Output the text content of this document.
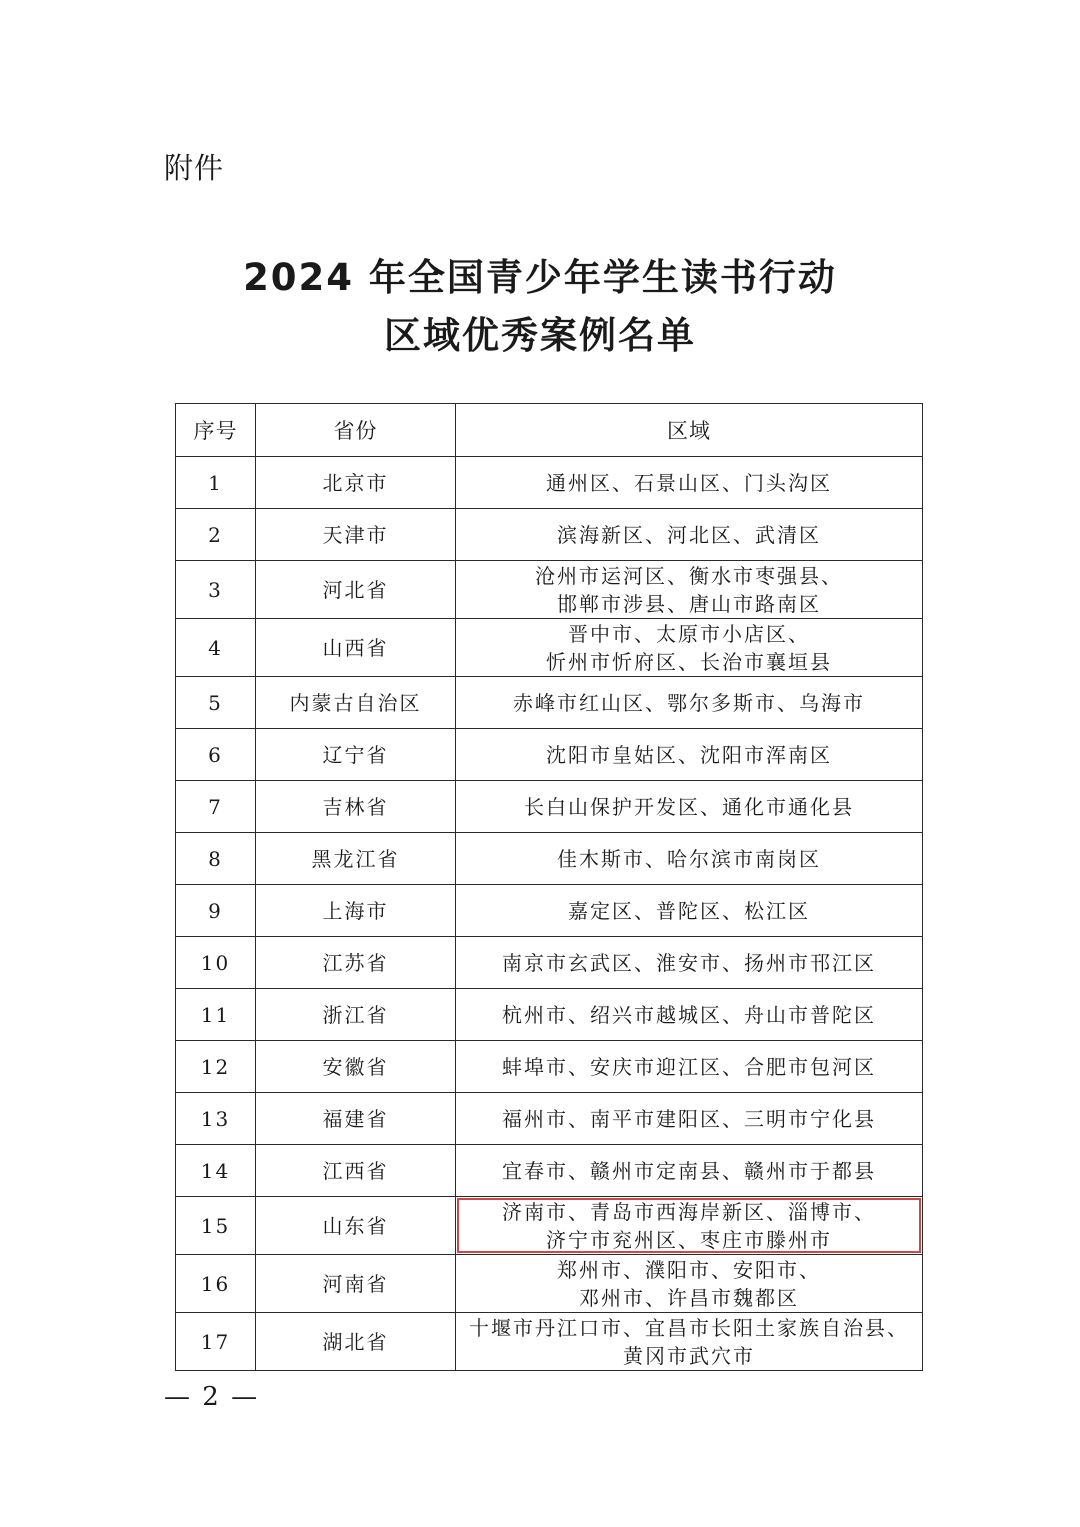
附件
2024 年全国青少年学生读书行动
区域优秀案例名单
序号	省份	区域
1	北京市	通州区、石景山区、门头沟区

2	天津市	滨海新区、河北区、武清区

3	河北省	沧州市运河区、衡水市枣强县、
邯郸市涉县、唐山市路南区

4	山西省	晋中市、太原市小店区、
忻州市忻府区、长治市襄垣县

5	内蒙古自治区	赤峰市红山区、鄂尔多斯市、乌海市

6	辽宁省	沈阳市皇姑区、沈阳市浑南区

7	吉林省	长白山保护开发区、通化市通化县

8	黑龙江省	佳木斯市、哈尔滨市南岗区

9	上海市	嘉定区、普陀区、松江区

10	江苏省	南京市玄武区、淮安市、扬州市邗江区

11	浙江省	杭州市、绍兴市越城区、舟山市普陀区

12	安徽省	蚌埠市、安庆市迎江区、合肥市包河区

13	福建省	福州市、南平市建阳区、三明市宁化县

14	江西省	宜春市、赣州市定南县、赣州市于都县

15	山东省	济南市、青岛市西海岸新区、淄博市、
济宁市兖州区、枣庄市滕州市

16	河南省	郑州市、濮阳市、安阳市、
邓州市、许昌市魏都区

17	湖北省	十堰市丹江口市、宜昌市长阳土家族自治县、
黄冈市武穴市
— 2 —
